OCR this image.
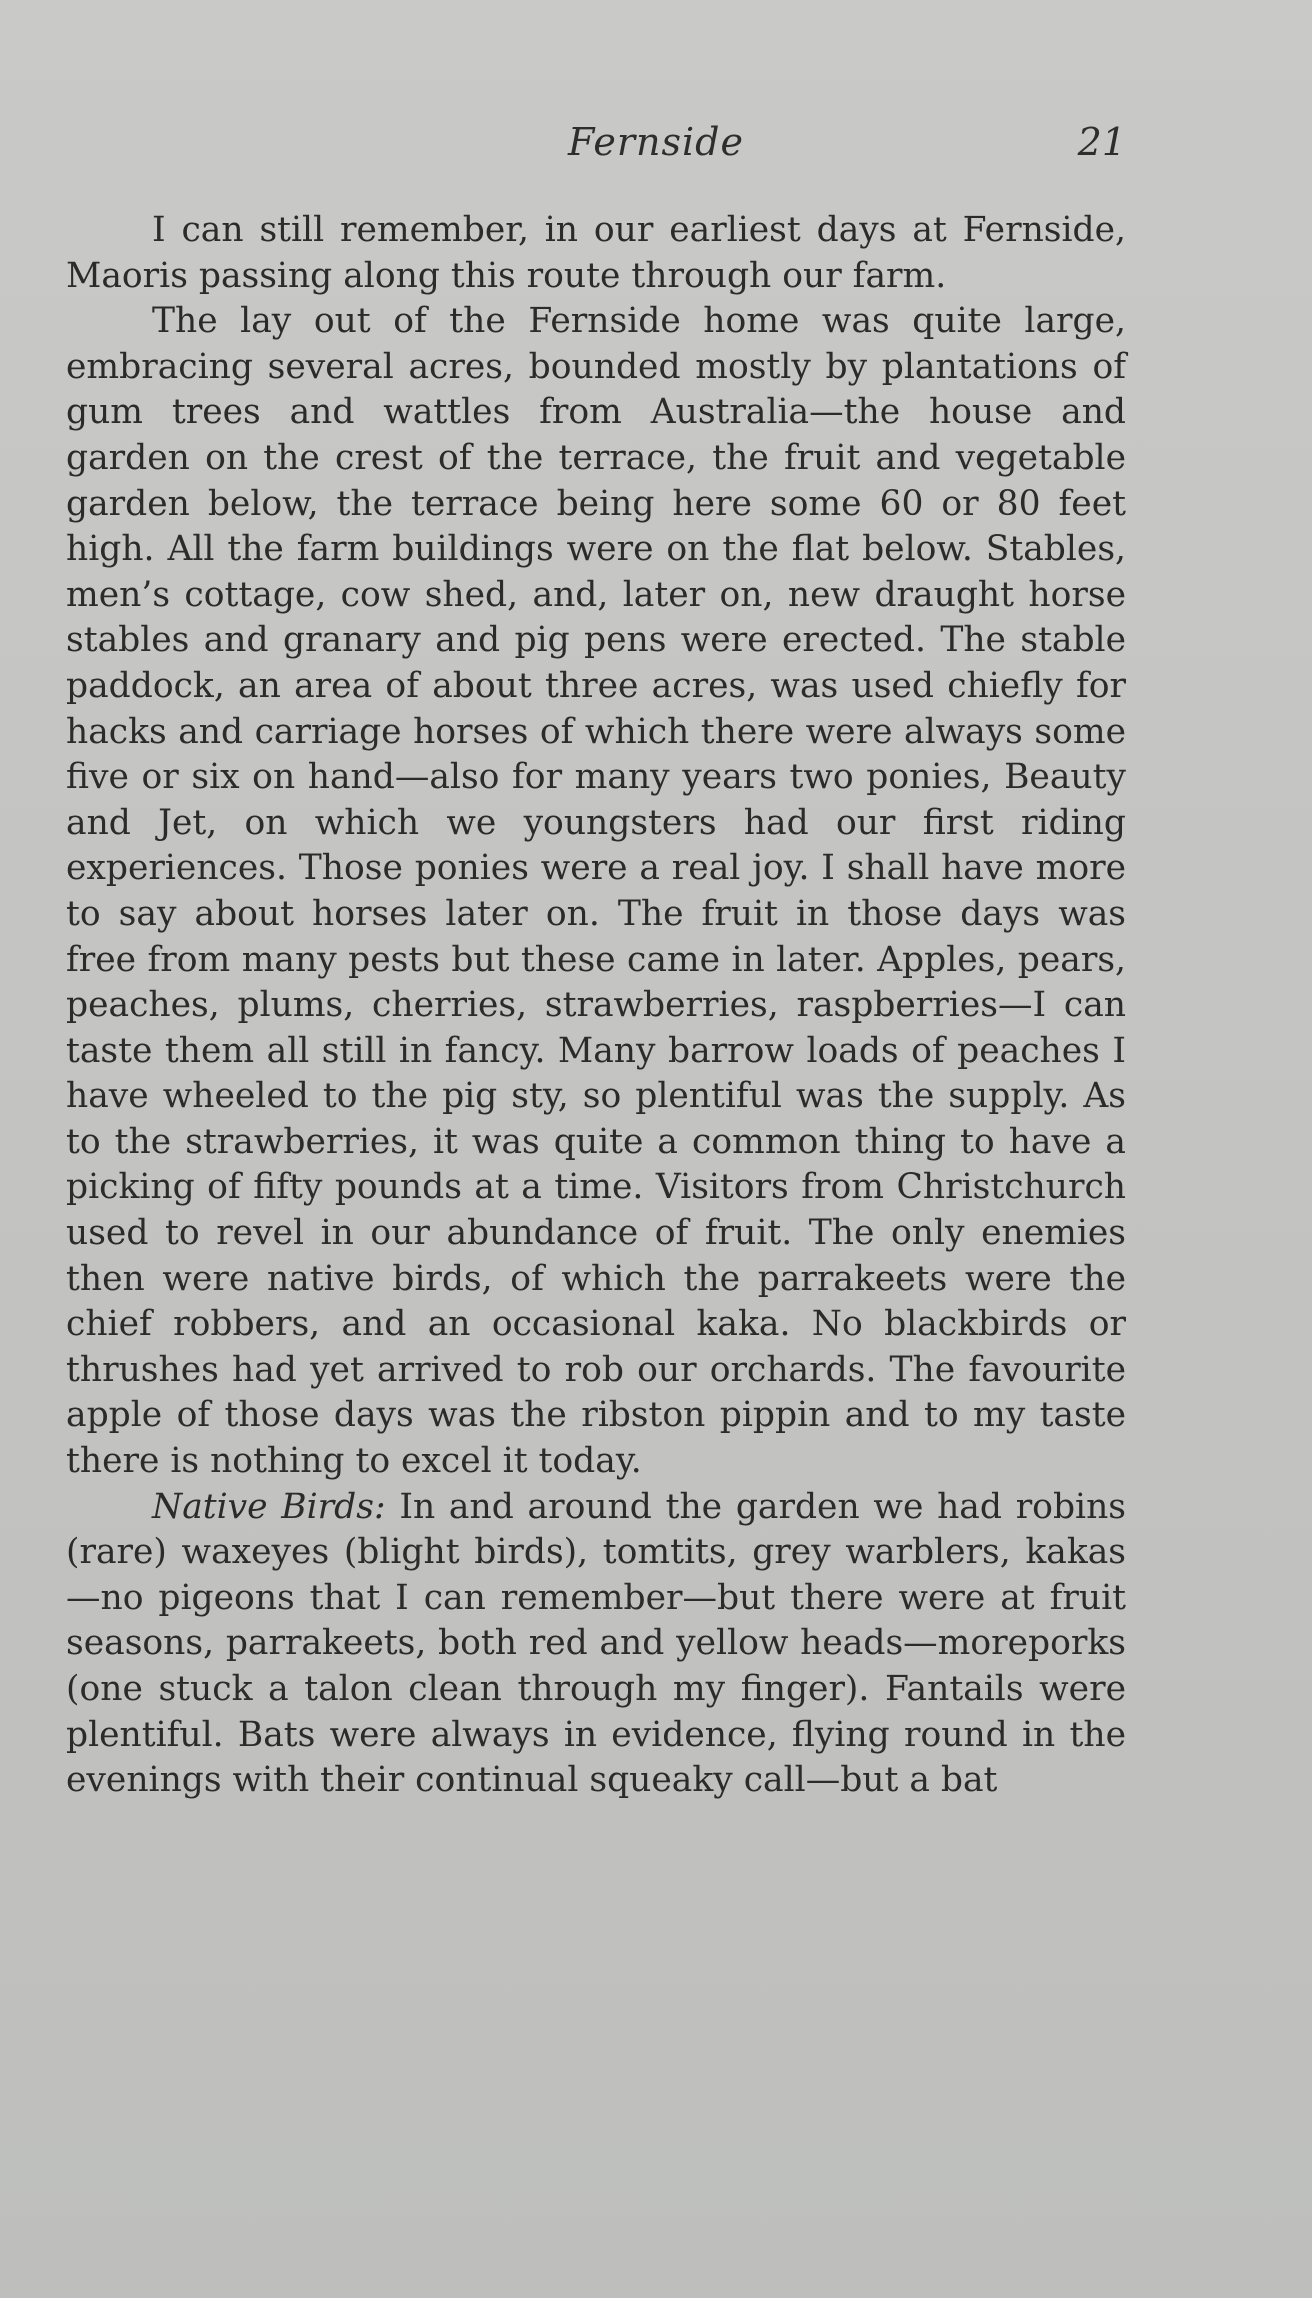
Fernside	21

I can still remember, in our earliest days at Fernside, Maoris passing along this route through our farm.

The lay out of the Fernside home was quite large, embracing several acres, bounded mostly by plantations of gum trees and wattles from Australia—the house and garden on the crest of the terrace, the fruit and vegetable garden below, the terrace being here some 60 or 80 feet high. All the farm buildings were on the flat below. Stables, men’s cottage, cow shed, and, later on, new draught horse stables and granary and pig pens were erected. The stable paddock, an area of about three acres, was used chiefly for hacks and carriage horses of which there were always some five or six on hand—also for many years two ponies, Beauty and Jet, on which we youngsters had our first riding experiences. Those ponies were a real joy. I shall have more to say about horses later on. The fruit in those days was free from many pests but these came in later. Apples, pears, peaches, plums, cherries, strawberries, raspberries—I can taste them all still in fancy. Many barrow loads of peaches I have wheeled to the pig sty, so plentiful was the supply. As to the strawberries, it was quite a common thing to have a picking of fifty pounds at a time. Visitors from Christchurch used to revel in our abundance of fruit. The only enemies then were native birds, of which the parrakeets were the chief robbers, and an occasional kaka. No blackbirds or thrushes had yet arrived to rob our orchards. The favourite apple of those days was the ribston pippin and to my taste there is nothing to excel it today.

Native Birds: In and around the garden we had robins (rare) waxeyes (blight birds), tomtits, grey warblers, kakas—no pigeons that I can remember—but there were at fruit seasons, parrakeets, both red and yellow heads—moreporks (one stuck a talon clean through my finger). Fantails were plentiful. Bats were always in evidence, flying round in the evenings with their continual squeaky call—but a bat
